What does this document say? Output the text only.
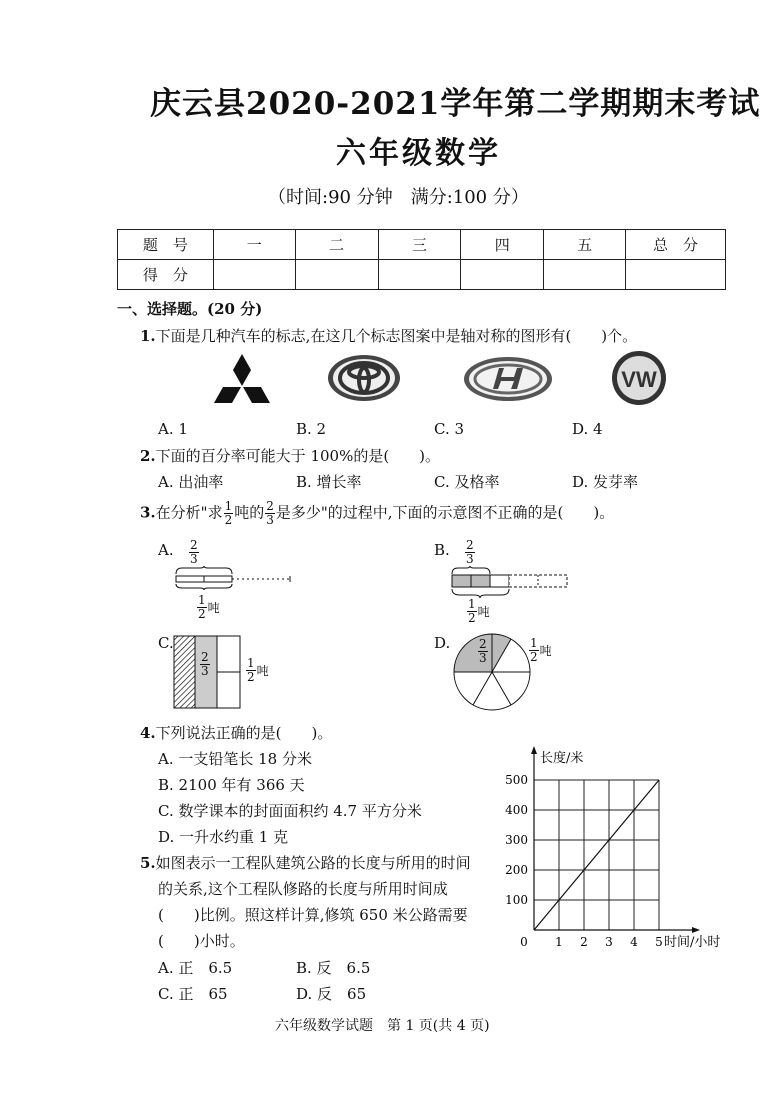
庆云县2020-2021学年第二学期期末考试
六年级数学
（时间:90 分钟　满分:100 分）
题　号	一	二	三	四	五	总　分
得　分						
一、选择题。(20 分)
1.下面是几种汽车的标志,在这几个标志图案中是轴对称的图形有(　　)个。
VW
A. 1	B. 2	C. 3	D. 4
2.下面的百分率可能大于 100%的是(　　)。
A. 出油率	B. 增长率	C. 及格率	D. 发芽率
3.在分析"求 $\frac{1}{2}$ 吨的 $\frac{2}{3}$ 是多少"的过程中,下面的示意图不正确的是(　　)。
A. $\frac{2}{3}$
$\frac{1}{2}$ 吨
B. $\frac{2}{3}$
$\frac{1}{2}$ 吨
C.
$\frac{2}{3}$	$\frac{1}{2}$ 吨
D. $\frac{2}{3}$	$\frac{1}{2}$ 吨
4.下列说法正确的是(　　)。
A. 一支铅笔长 18 分米
B. 2100 年有 366 天
C. 数学课本的封面面积约 4.7 平方分米
D. 一升水约重 1 克
5.如图表示一工程队建筑公路的长度与所用的时间
的关系,这个工程队修路的长度与所用时间成
(　　)比例。照这样计算,修筑 650 米公路需要
(　　)小时。
A. 正　6.5	B. 反　6.5
C. 正　65	D. 反　65
0 1 2 3 4 5
100
200
300
400
500
长度/米
时间/小时
六年级数学试题　第 1 页(共 4 页)
